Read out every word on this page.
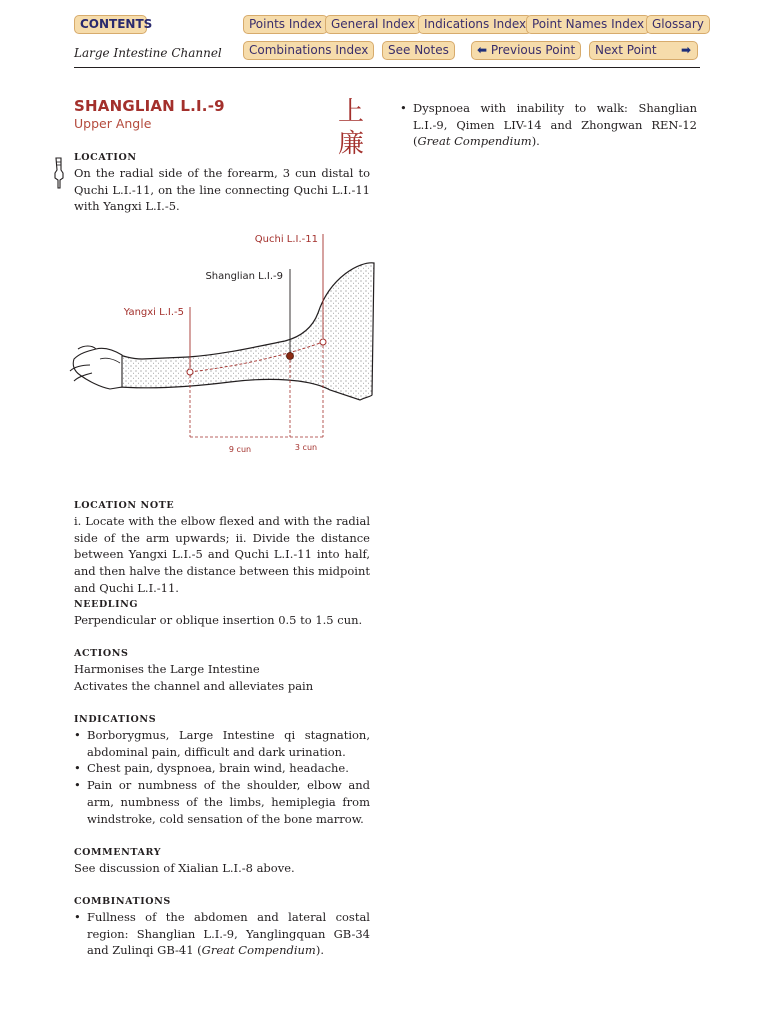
CONTENTS	Points Index General Index Indications Index Point Names Index Glossary
Combinations Index	See Notes	⬅ Previous Point	Next Point ➡
Large Intestine Channel
SHANGLIAN L.I.-9
Upper Angle	上
廉
LOCATION
On the radial side of the forearm, 3 cun distal to Quchi L.I.-11, on the line connecting Quchi L.I.-11 with Yangxi L.I.-5.
Quchi L.I.-11
Shanglian L.I.-9
Yangxi L.I.-5
9 cun	3 cun
LOCATION NOTE
i. Locate with the elbow flexed and with the radial side of the arm upwards; ii. Divide the distance between Yangxi L.I.-5 and Quchi L.I.-11 into half, and then halve the distance between this midpoint and Quchi L.I.-11.
NEEDLING
Perpendicular or oblique insertion 0.5 to 1.5 cun.
ACTIONS
Harmonises the Large Intestine
Activates the channel and alleviates pain
INDICATIONS
• Borborygmus, Large Intestine qi stagnation, abdominal pain, difficult and dark urination.
• Chest pain, dyspnoea, brain wind, headache.
• Pain or numbness of the shoulder, elbow and arm, numbness of the limbs, hemiplegia from windstroke, cold sensation of the bone marrow.
COMMENTARY
See discussion of Xialian L.I.-8 above.
COMBINATIONS
• Fullness of the abdomen and lateral costal region: Shanglian L.I.-9, Yanglingquan GB-34 and Zulinqi GB-41 (Great Compendium).
• Dyspnoea with inability to walk: Shanglian L.I.-9, Qimen LIV-14 and Zhongwan REN-12 (Great Compendium).
